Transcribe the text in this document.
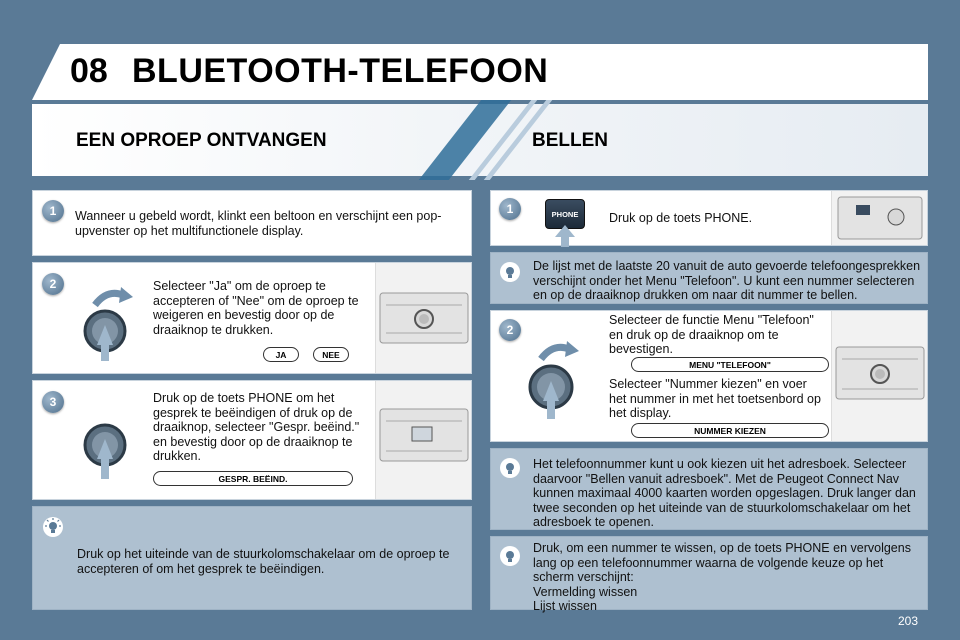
08 BLUETOOTH-TELEFOON
EEN OPROEP ONTVANGEN	BELLEN
1	Wanneer u gebeld wordt, klinkt een beltoon en verschijnt een pop-upvenster op het multifunctionele display.
2	Selecteer "Ja" om de oproep te accepteren of "Nee" om de oproep te weigeren en bevestig door op de draaiknop te drukken.
JA	NEE
3	Druk op de toets PHONE om het gesprek te beëindigen of druk op de draaiknop, selecteer "Gespr. beëind." en bevestig door op de draaiknop te drukken.
GESPR. BEËIND.
Druk op het uiteinde van de stuurkolomschakelaar om de oproep te accepteren of om het gesprek te beëindigen.
1	PHONE	Druk op de toets PHONE.
De lijst met de laatste 20 vanuit de auto gevoerde telefoongesprekken verschijnt onder het Menu "Telefoon". U kunt een nummer selecteren en op de draaiknop drukken om naar dit nummer te bellen.
2
Selecteer de functie Menu "Telefoon" en druk op de draaiknop om te bevestigen.
MENU "TELEFOON"
Selecteer "Nummer kiezen" en voer het nummer in met het toetsenbord op het display.
NUMMER KIEZEN
Het telefoonnummer kunt u ook kiezen uit het adresboek. Selecteer daarvoor "Bellen vanuit adresboek". Met de Peugeot Connect Nav kunnen maximaal 4000 kaarten worden opgeslagen. Druk langer dan twee seconden op het uiteinde van de stuurkolomschakelaar om het adresboek te openen.
Druk, om een nummer te wissen, op de toets PHONE en vervolgens lang op een telefoonnummer waarna de volgende keuze op het scherm verschijnt:
Vermelding wissen
Lijst wissen
203
